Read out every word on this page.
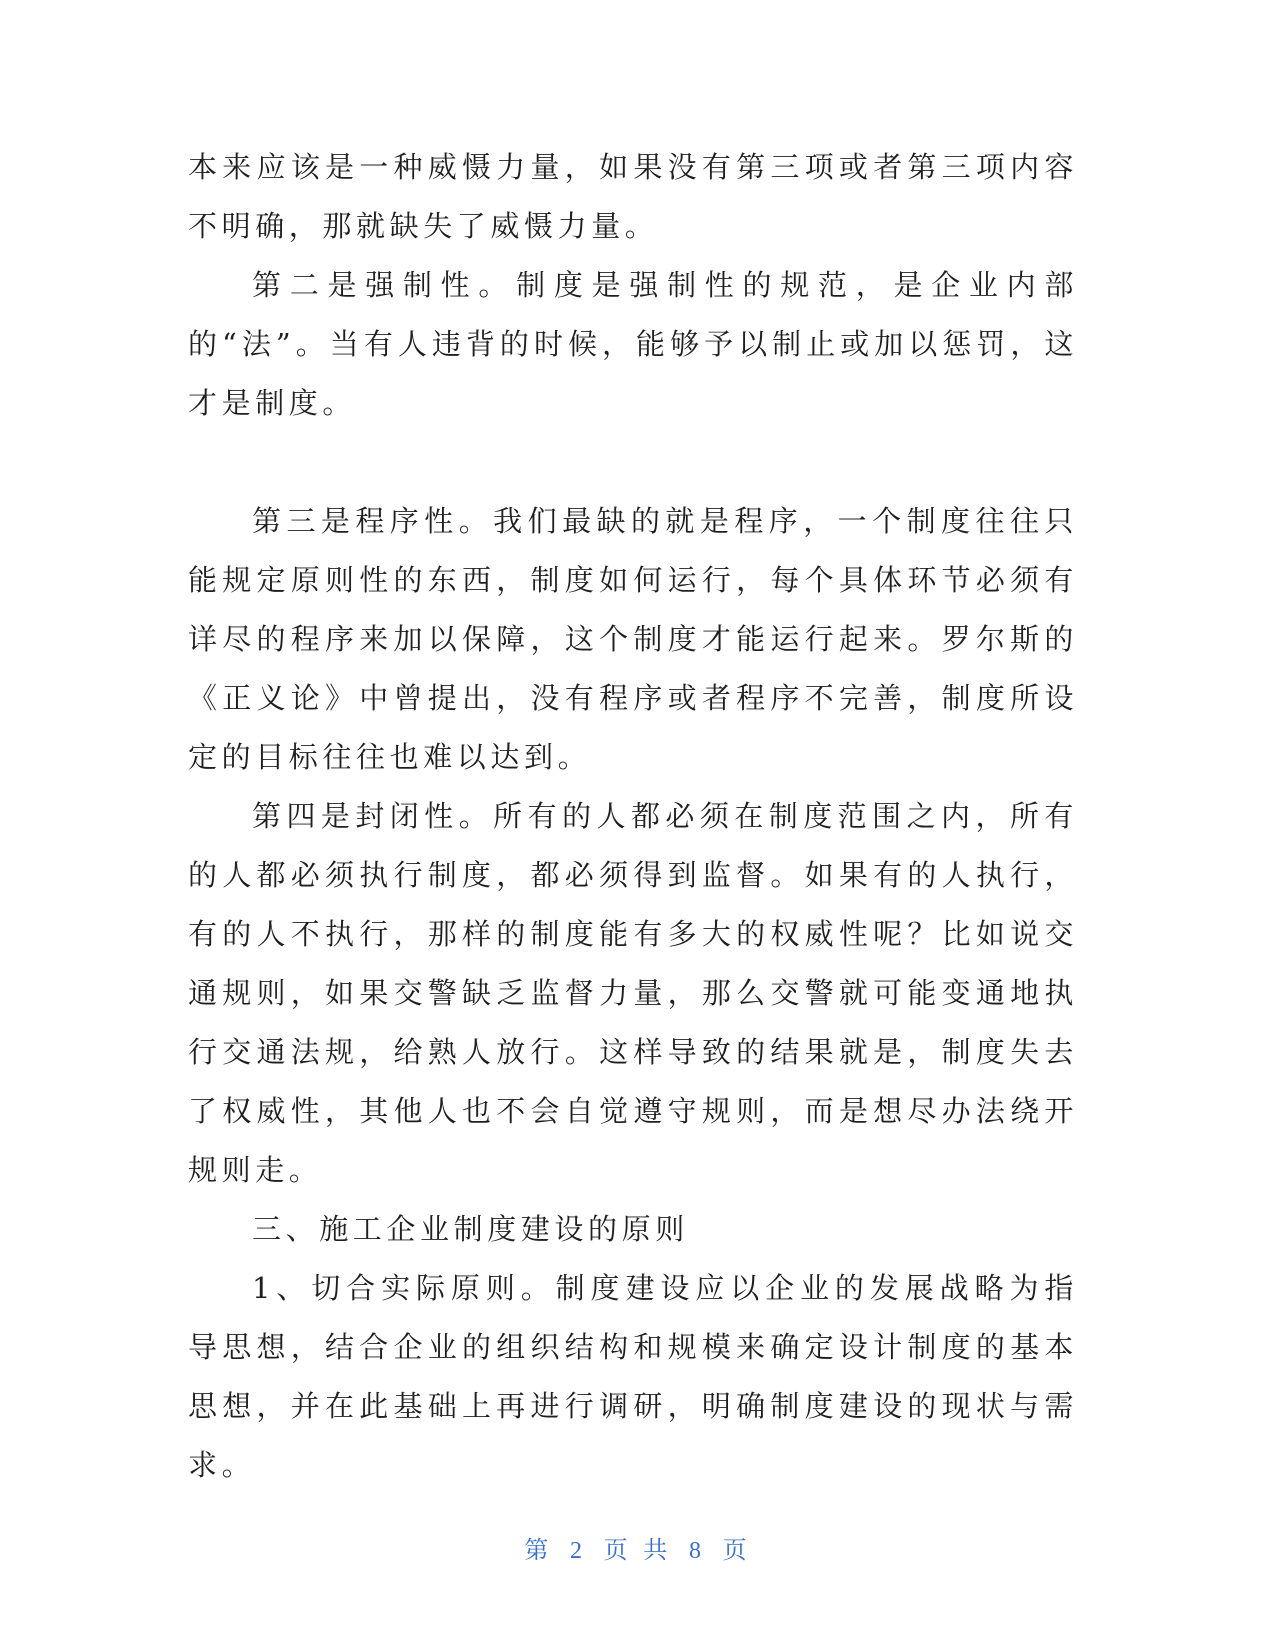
本来应该是一种威慑力量，如果没有第三项或者第三项内容不明确，那就缺失了威慑力量。

第二是强制性。制度是强制性的规范，是企业内部的“法”。当有人违背的时候，能够予以制止或加以惩罚，这才是制度。

第三是程序性。我们最缺的就是程序，一个制度往往只能规定原则性的东西，制度如何运行，每个具体环节必须有详尽的程序来加以保障，这个制度才能运行起来。罗尔斯的《正义论》中曾提出，没有程序或者程序不完善，制度所设定的目标往往也难以达到。

第四是封闭性。所有的人都必须在制度范围之内，所有的人都必须执行制度，都必须得到监督。如果有的人执行，有的人不执行，那样的制度能有多大的权威性呢？比如说交通规则，如果交警缺乏监督力量，那么交警就可能变通地执行交通法规，给熟人放行。这样导致的结果就是，制度失去了权威性，其他人也不会自觉遵守规则，而是想尽办法绕开规则走。

三、施工企业制度建设的原则

1、切合实际原则。制度建设应以企业的发展战略为指导思想，结合企业的组织结构和规模来确定设计制度的基本思想，并在此基础上再进行调研，明确制度建设的现状与需求。

第 2 页 共 8 页
